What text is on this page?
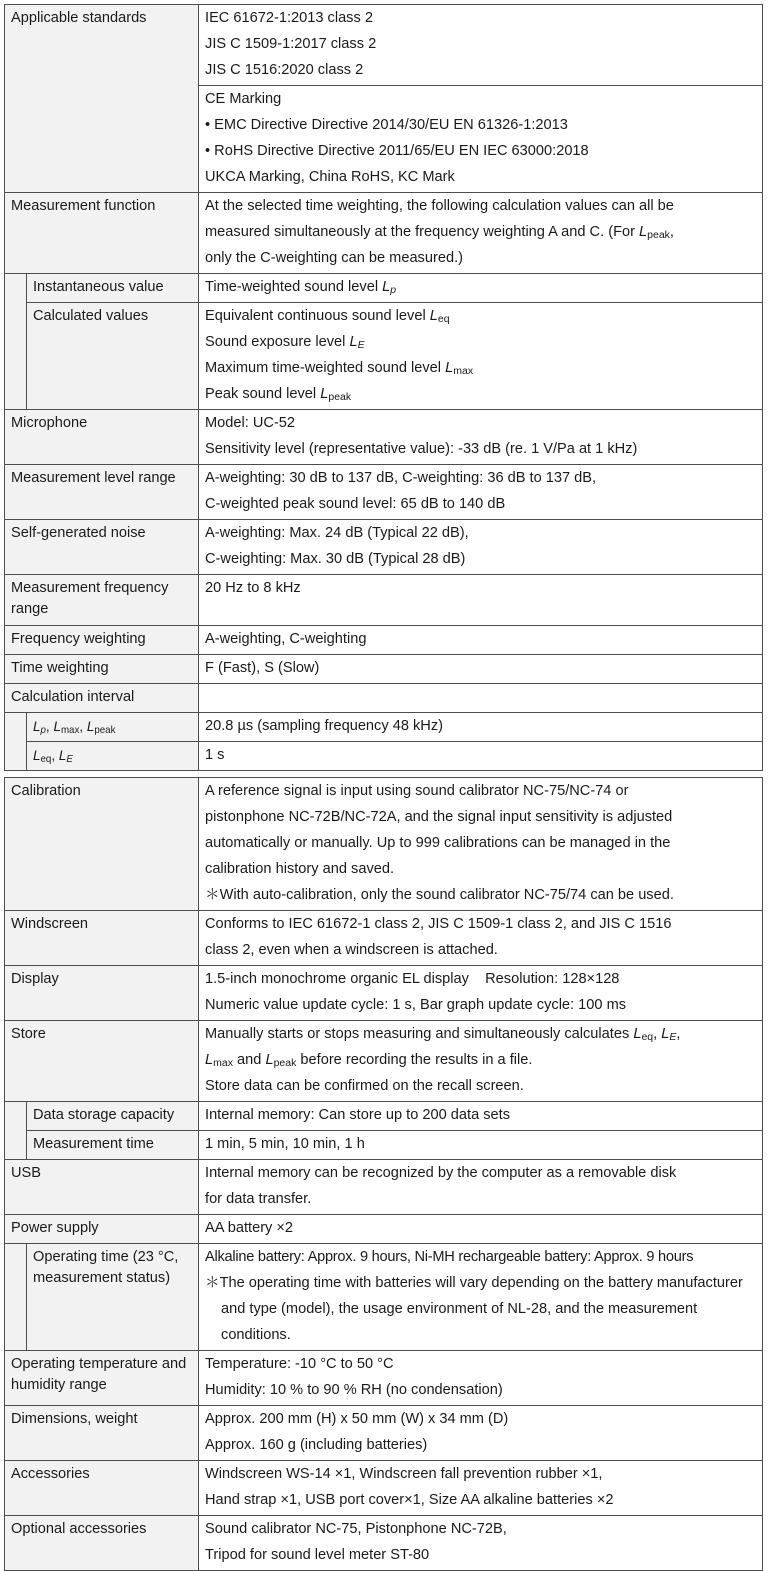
Applicable standards		IEC 61672-1:2013 class 2
JIS C 1509-1:2017 class 2
JIS C 1516:2020 class 2

		CE Marking
• EMC Directive Directive 2014/30/EU EN 61326-1:2013
• RoHS Directive Directive 2011/65/EU EN IEC 63000:2018
UKCA Marking, China RoHS, KC Mark

Measurement function		At the selected time weighting, the following calculation values can all be
measured simultaneously at the frequency weighting A and C. (For $L_{peak}$,
only the C-weighting can be measured.)

	Instantaneous value	Time-weighted sound level $L_p$

	Calculated values	Equivalent continuous sound level $L_{eq}$
Sound exposure level $L_E$
Maximum time-weighted sound level $L_{max}$
Peak sound level $L_{peak}$

Microphone		Model: UC-52
Sensitivity level (representative value): -33 dB (re. 1 V/Pa at 1 kHz)

Measurement level range		A-weighting: 30 dB to 137 dB, C-weighting: 36 dB to 137 dB,
C-weighted peak sound level: 65 dB to 140 dB

Self-generated noise		A-weighting: Max. 24 dB (Typical 22 dB),
C-weighting: Max. 30 dB (Typical 28 dB)

Measurement frequency range		20 Hz to 8 kHz

Frequency weighting		A-weighting, C-weighting

Time weighting		F (Fast), S (Slow)

Calculation interval		

	$L_p$, $L_{max}$, $L_{peak}$	20.8 µs (sampling frequency 48 kHz)

	$L_{eq}$, $L_E$	1 s

Calibration		A reference signal is input using sound calibrator NC-75/NC-74 or
pistonphone NC-72B/NC-72A, and the signal input sensitivity is adjusted
automatically or manually. Up to 999 calibrations can be managed in the
calibration history and saved.
＊With auto-calibration, only the sound calibrator NC-75/74 can be used.

Windscreen		Conforms to IEC 61672-1 class 2, JIS C 1509-1 class 2, and JIS C 1516
class 2, even when a windscreen is attached.

Display		1.5-inch monochrome organic EL display    Resolution: 128×128
Numeric value update cycle: 1 s, Bar graph update cycle: 100 ms

Store		Manually starts or stops measuring and simultaneously calculates $L_{eq}$, $L_E$,
$L_{max}$ and $L_{peak}$ before recording the results in a file.
Store data can be confirmed on the recall screen.

	Data storage capacity	Internal memory: Can store up to 200 data sets

	Measurement time	1 min, 5 min, 10 min, 1 h

USB		Internal memory can be recognized by the computer as a removable disk
for data transfer.

Power supply		AA battery ×2

	Operating time (23 °C, measurement status)	Alkaline battery: Approx. 9 hours, Ni-MH rechargeable battery: Approx. 9 hours
＊The operating time with batteries will vary depending on the battery manufacturer and type (model), the usage environment of NL-28, and the measurement conditions.

Operating temperature and humidity range		Temperature: -10 °C to 50 °C
Humidity: 10 % to 90 % RH (no condensation)

Dimensions, weight		Approx. 200 mm (H) x 50 mm (W) x 34 mm (D)
Approx. 160 g (including batteries)

Accessories		Windscreen WS-14 ×1, Windscreen fall prevention rubber ×1,
Hand strap ×1, USB port cover×1, Size AA alkaline batteries ×2

Optional accessories		Sound calibrator NC-75, Pistonphone NC-72B,
Tripod for sound level meter ST-80
